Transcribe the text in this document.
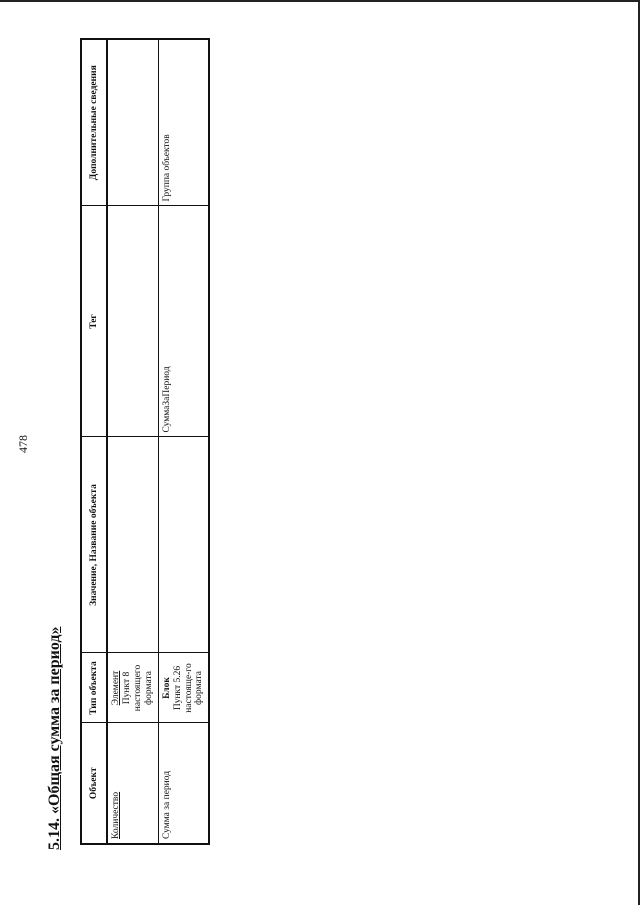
478
5.14. «Общая сумма за период»	Объект	Тип объекта	Значение, Название объекта	Тег	Дополнительные сведения
Количество	Элемент Пункт 8 настоящего формата			

Сумма за период	Блок Пункт 5.26 настояще-го формата		СуммаЗаПериод	Группа объектов
